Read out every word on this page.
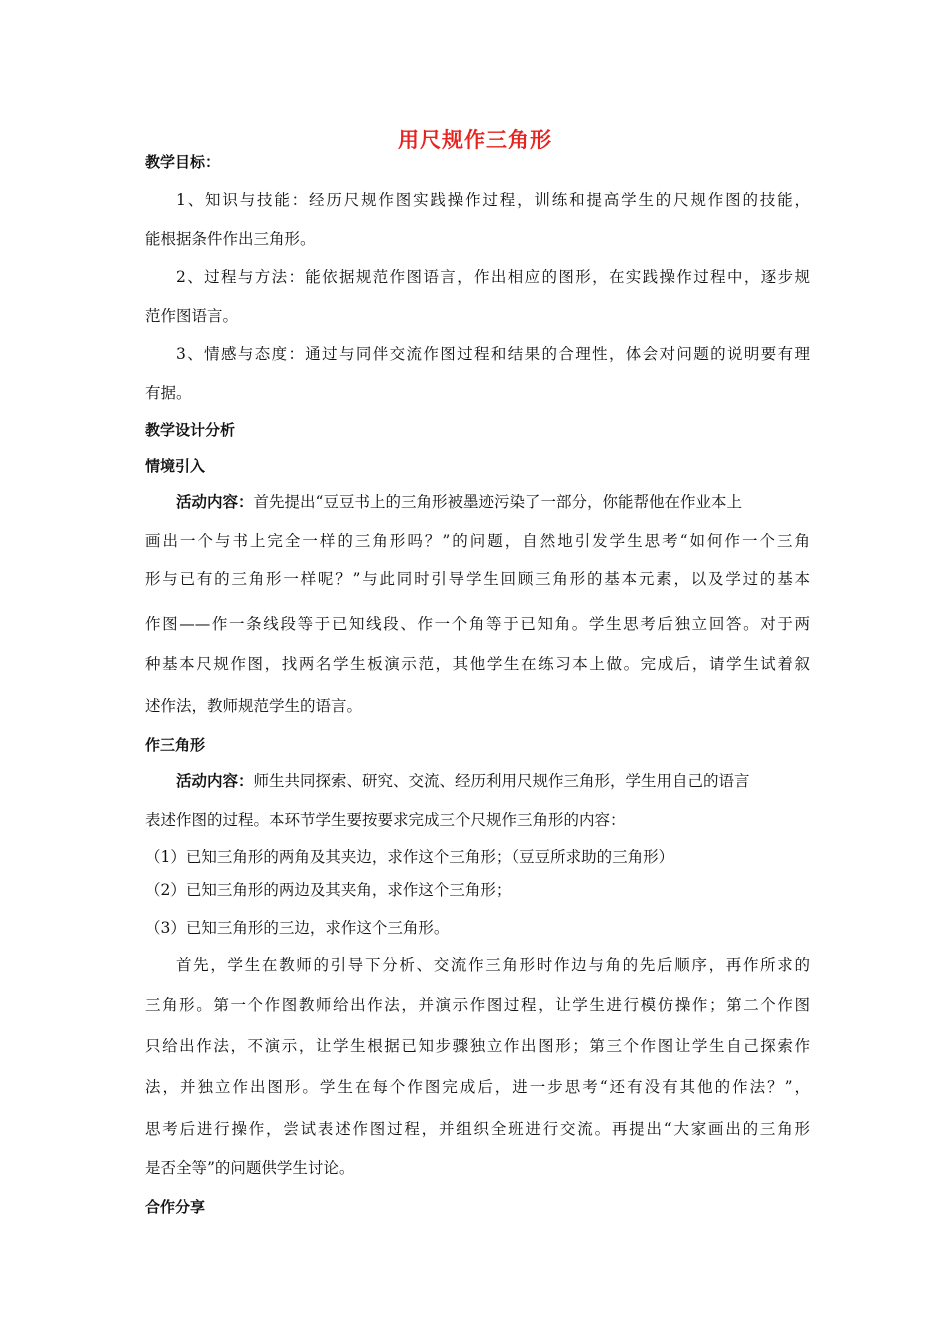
用尺规作三角形
教学目标：
1、知识与技能：经历尺规作图实践操作过程，训练和提高学生的尺规作图的技能，
能根据条件作出三角形。
2、过程与方法：能依据规范作图语言，作出相应的图形，在实践操作过程中，逐步规
范作图语言。
3、情感与态度：通过与同伴交流作图过程和结果的合理性，体会对问题的说明要有理
有据。
教学设计分析
情境引入
活动内容：首先提出“豆豆书上的三角形被墨迹污染了一部分，你能帮他在作业本上
画出一个与书上完全一样的三角形吗？”的问题，自然地引发学生思考“如何作一个三角
形与已有的三角形一样呢？”与此同时引导学生回顾三角形的基本元素，以及学过的基本
作图——作一条线段等于已知线段、作一个角等于已知角。学生思考后独立回答。对于两
种基本尺规作图，找两名学生板演示范，其他学生在练习本上做。完成后，请学生试着叙
述作法，教师规范学生的语言。
作三角形
活动内容：师生共同探索、研究、交流、经历利用尺规作三角形，学生用自己的语言
表述作图的过程。本环节学生要按要求完成三个尺规作三角形的内容：
（1）已知三角形的两角及其夹边，求作这个三角形；（豆豆所求助的三角形）
（2）已知三角形的两边及其夹角，求作这个三角形；
（3）已知三角形的三边，求作这个三角形。
首先，学生在教师的引导下分析、交流作三角形时作边与角的先后顺序，再作所求的
三角形。第一个作图教师给出作法，并演示作图过程，让学生进行模仿操作；第二个作图
只给出作法，不演示，让学生根据已知步骤独立作出图形；第三个作图让学生自己探索作
法，并独立作出图形。学生在每个作图完成后，进一步思考“还有没有其他的作法？”，
思考后进行操作，尝试表述作图过程，并组织全班进行交流。再提出“大家画出的三角形
是否全等”的问题供学生讨论。
合作分享
